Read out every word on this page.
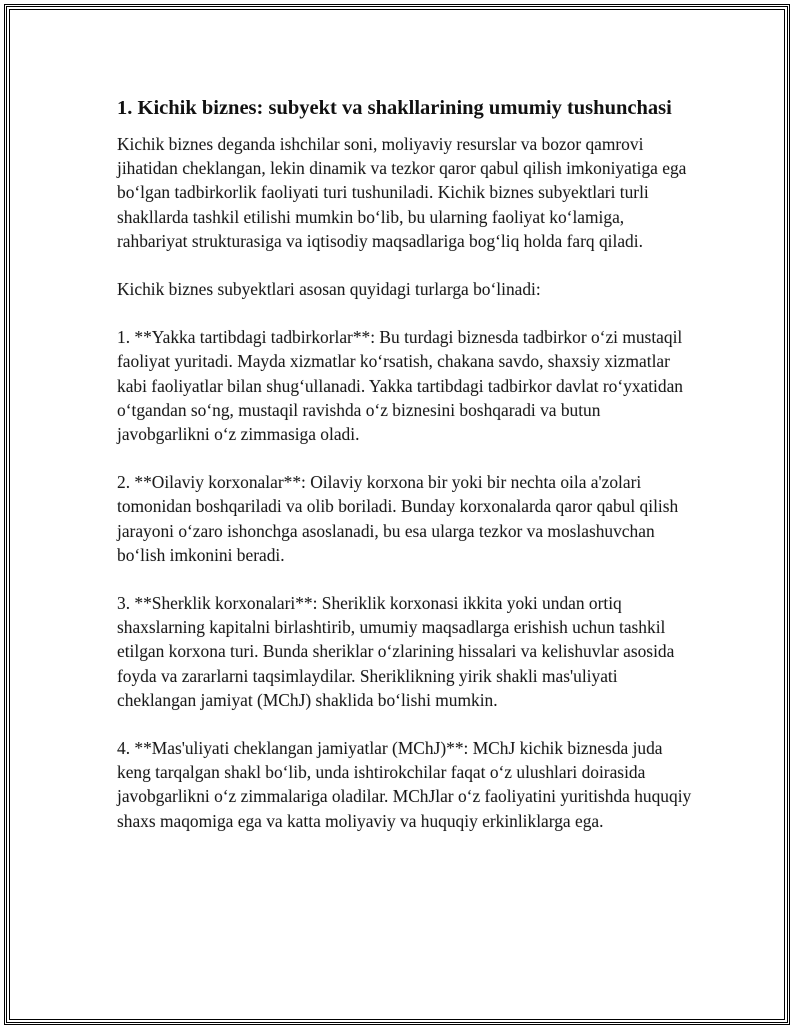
1. Kichik biznes: subyekt va shakllarining umumiy tushunchasi

Kichik biznes deganda ishchilar soni, moliyaviy resurslar va bozor qamrovi jihatidan cheklangan, lekin dinamik va tezkor qaror qabul qilish imkoniyatiga ega boʻlgan tadbirkorlik faoliyati turi tushuniladi. Kichik biznes subyektlari turli shakllarda tashkil etilishi mumkin boʻlib, bu ularning faoliyat koʻlamiga, rahbariyat strukturasiga va iqtisodiy maqsadlariga bogʻliq holda farq qiladi.

Kichik biznes subyektlari asosan quyidagi turlarga boʻlinadi:

1. **Yakka tartibdagi tadbirkorlar**: Bu turdagi biznesda tadbirkor oʻzi mustaqil faoliyat yuritadi. Mayda xizmatlar koʻrsatish, chakana savdo, shaxsiy xizmatlar kabi faoliyatlar bilan shugʻullanadi. Yakka tartibdagi tadbirkor davlat roʻyxatidan oʻtgandan soʻng, mustaqil ravishda oʻz biznesini boshqaradi va butun javobgarlikni oʻz zimmasiga oladi.

2. **Oilaviy korxonalar**: Oilaviy korxona bir yoki bir nechta oila a'zolari tomonidan boshqariladi va olib boriladi. Bunday korxonalarda qaror qabul qilish jarayoni oʻzaro ishonchga asoslanadi, bu esa ularga tezkor va moslashuvchan boʻlish imkonini beradi.

3. **Sherklik korxonalari**: Sheriklik korxonasi ikkita yoki undan ortiq shaxslarning kapitalni birlashtirib, umumiy maqsadlarga erishish uchun tashkil etilgan korxona turi. Bunda sheriklar oʻzlarining hissalari va kelishuvlar asosida foyda va zararlarni taqsimlaydilar. Sheriklikning yirik shakli mas'uliyati cheklangan jamiyat (MChJ) shaklida boʻlishi mumkin.

4. **Mas'uliyati cheklangan jamiyatlar (MChJ)**: MChJ kichik biznesda juda keng tarqalgan shakl boʻlib, unda ishtirokchilar faqat oʻz ulushlari doirasida javobgarlikni oʻz zimmalariga oladilar. MChJlar oʻz faoliyatini yuritishda huquqiy shaxs maqomiga ega va katta moliyaviy va huquqiy erkinliklarga ega.
